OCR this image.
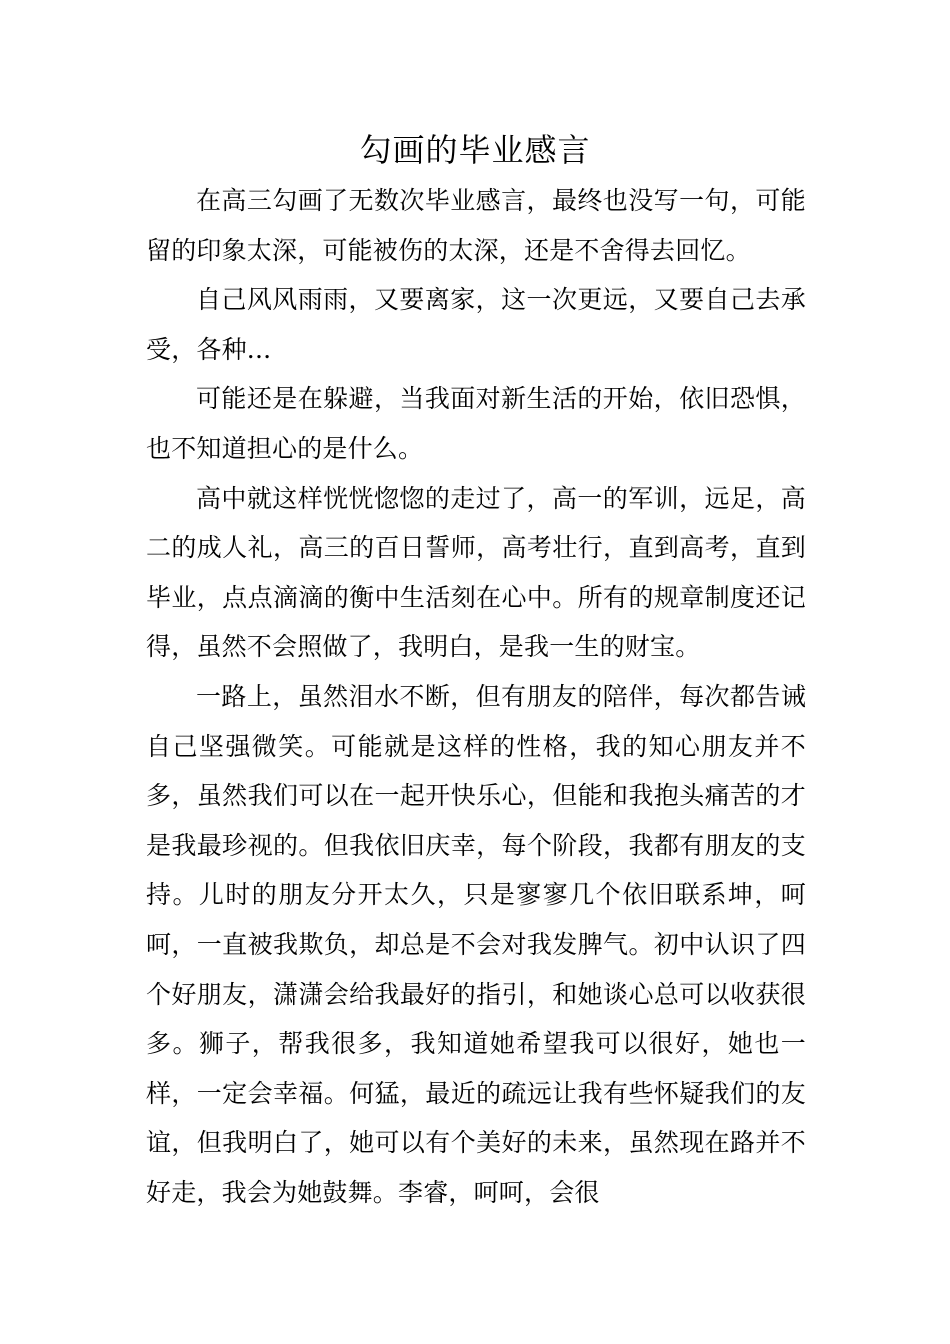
勾画的毕业感言

在高三勾画了无数次毕业感言，最终也没写一句，可能留的印象太深，可能被伤的太深，还是不舍得去回忆。

自己风风雨雨，又要离家，这一次更远，又要自己去承受，各种...

可能还是在躲避，当我面对新生活的开始，依旧恐惧，也不知道担心的是什么。

高中就这样恍恍惚惚的走过了，高一的军训，远足，高二的成人礼，高三的百日誓师，高考壮行，直到高考，直到毕业，点点滴滴的衡中生活刻在心中。所有的规章制度还记得，虽然不会照做了，我明白，是我一生的财宝。

一路上，虽然泪水不断，但有朋友的陪伴，每次都告诫自己坚强微笑。可能就是这样的性格，我的知心朋友并不多，虽然我们可以在一起开快乐心，但能和我抱头痛苦的才是我最珍视的。但我依旧庆幸，每个阶段，我都有朋友的支持。儿时的朋友分开太久，只是寥寥几个依旧联系坤，呵呵，一直被我欺负，却总是不会对我发脾气。初中认识了四个好朋友，潇潇会给我最好的指引，和她谈心总可以收获很多。狮子，帮我很多，我知道她希望我可以很好，她也一样，一定会幸福。何猛，最近的疏远让我有些怀疑我们的友谊，但我明白了，她可以有个美好的未来，虽然现在路并不好走，我会为她鼓舞。李睿，呵呵，会很
